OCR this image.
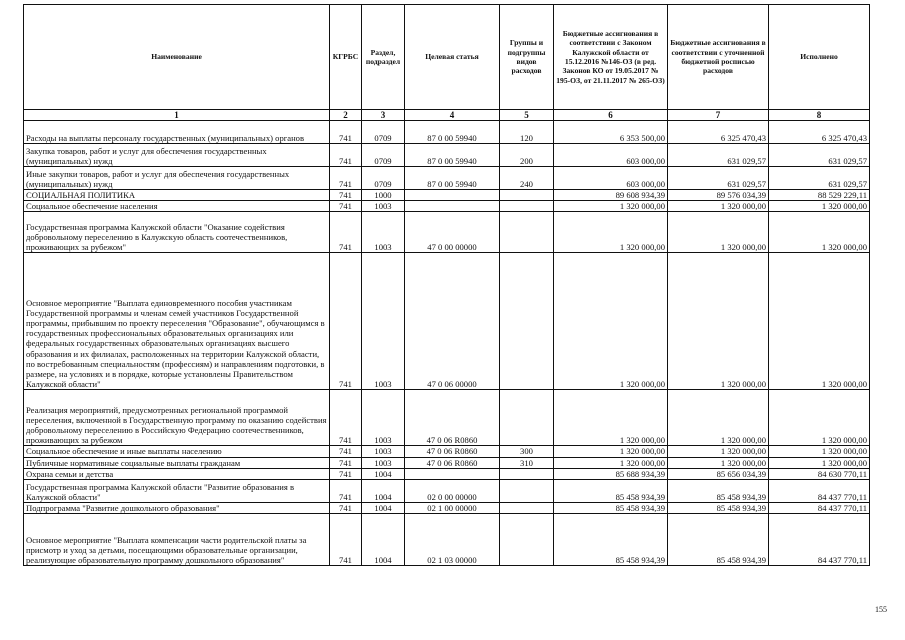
Наименование	КГРБС	Раздел, подраздел	Целевая статья	Группы и подгруппы видов расходов	Бюджетные ассигнования в соответствии с Законом Калужской области от 15.12.2016 №146-ОЗ (в ред. Законов КО от 19.05.2017 № 195-ОЗ, от 21.11.2017 № 265-ОЗ)	Бюджетные ассигнования в соответствии с уточненной бюджетной росписью расходов	Исполнено
1	2	3	4	5	6	7	8
Расходы на выплаты персоналу государственных (муниципальных) органов	741	0709	87 0 00 59940	120	6 353 500,00	6 325 470,43	6 325 470,43
Закупка товаров, работ и услуг для обеспечения государственных (муниципальных) нужд	741	0709	87 0 00 59940	200	603 000,00	631 029,57	631 029,57
Иные закупки товаров, работ и услуг для обеспечения государственных (муниципальных) нужд	741	0709	87 0 00 59940	240	603 000,00	631 029,57	631 029,57
СОЦИАЛЬНАЯ ПОЛИТИКА	741	1000			89 608 934,39	89 576 034,39	88 529 229,11
Социальное обеспечение населения	741	1003			1 320 000,00	1 320 000,00	1 320 000,00
Государственная программа Калужской области "Оказание содействия добровольному переселению в Калужскую область соотечественников, проживающих за рубежом"	741	1003	47 0 00 00000		1 320 000,00	1 320 000,00	1 320 000,00
Основное мероприятие "Выплата единовременного пособия участникам Государственной программы и членам семей участников Государственной программы, прибывшим по проекту переселения "Образование", обучающимся в государственных профессиональных образовательных организациях или федеральных государственных образовательных организациях высшего образования и их филиалах, расположенных на территории Калужской области, по востребованным специальностям (профессиям) и направлениям подготовки, в размере, на условиях и в порядке, которые установлены Правительством Калужской области"	741	1003	47 0 06 00000		1 320 000,00	1 320 000,00	1 320 000,00
Реализация мероприятий, предусмотренных региональной программой переселения, включенной в Государственную программу по оказанию содействия добровольному переселению в Российскую Федерацию соотечественников, проживающих за рубежом	741	1003	47 0 06 R0860		1 320 000,00	1 320 000,00	1 320 000,00
Социальное обеспечение и иные выплаты населению	741	1003	47 0 06 R0860	300	1 320 000,00	1 320 000,00	1 320 000,00
Публичные нормативные социальные выплаты гражданам	741	1003	47 0 06 R0860	310	1 320 000,00	1 320 000,00	1 320 000,00
Охрана семьи и детства	741	1004			85 688 934,39	85 656 034,39	84 630 770,11
Государственная программа Калужской области "Развитие образования в Калужской области"	741	1004	02 0 00 00000		85 458 934,39	85 458 934,39	84 437 770,11
Подпрограмма "Развитие дошкольного образования"	741	1004	02 1 00 00000		85 458 934,39	85 458 934,39	84 437 770,11
Основное мероприятие "Выплата компенсации части родительской платы за присмотр и уход за детьми, посещающими образовательные организации, реализующие образовательную программу дошкольного образования"	741	1004	02 1 03 00000		85 458 934,39	85 458 934,39	84 437 770,11
155
